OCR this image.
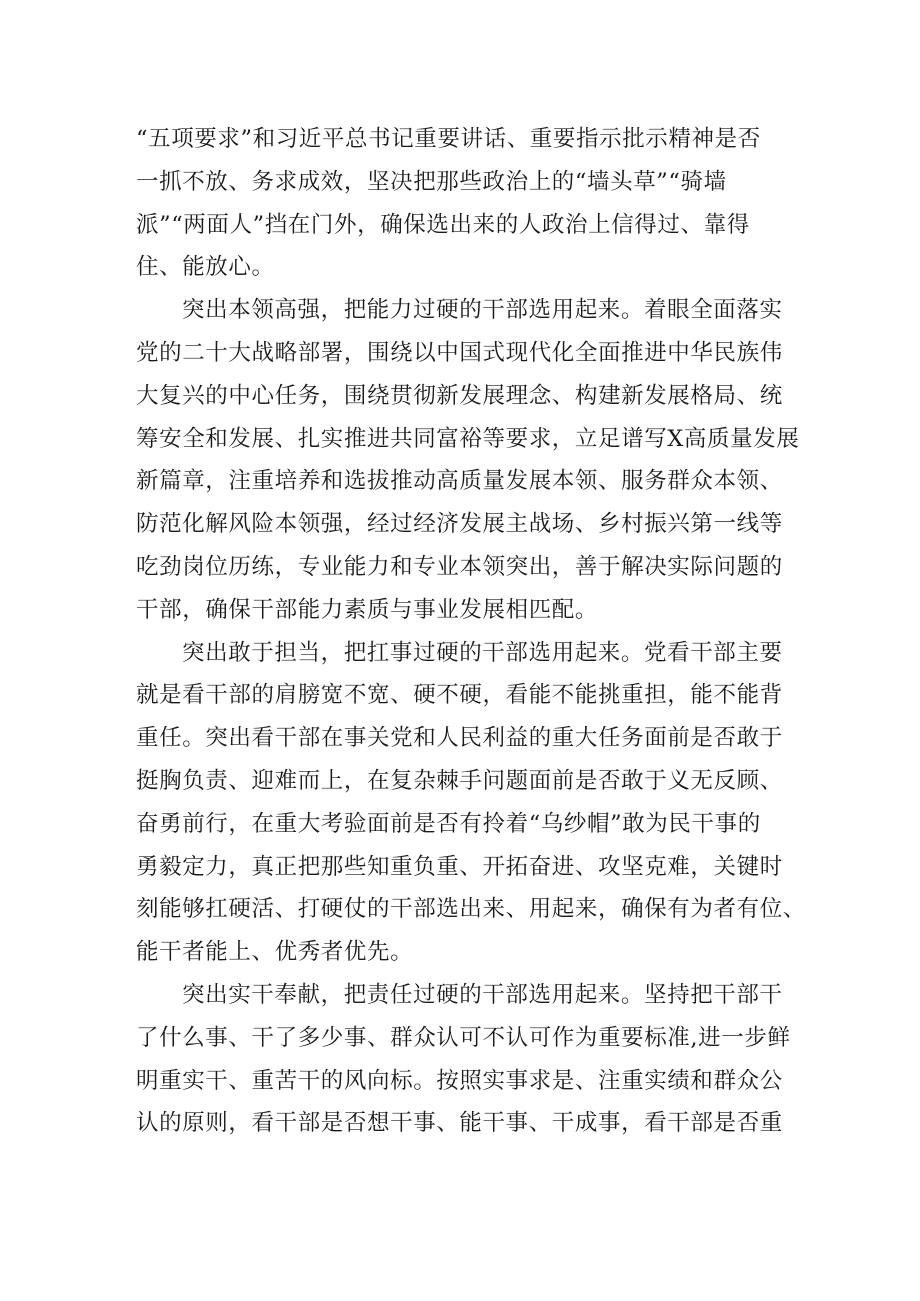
“五项要求”和习近平总书记重要讲话、重要指示批示精神是否
一抓不放、务求成效，坚决把那些政治上的“墙头草”“骑墙
派”“两面人”挡在门外，确保选出来的人政治上信得过、靠得
住、能放心。
突出本领高强，把能力过硬的干部选用起来。着眼全面落实
党的二十大战略部署，围绕以中国式现代化全面推进中华民族伟
大复兴的中心任务，围绕贯彻新发展理念、构建新发展格局、统
筹安全和发展、扎实推进共同富裕等要求，立足谱写X高质量发展
新篇章，注重培养和选拔推动高质量发展本领、服务群众本领、
防范化解风险本领强，经过经济发展主战场、乡村振兴第一线等
吃劲岗位历练，专业能力和专业本领突出，善于解决实际问题的
干部，确保干部能力素质与事业发展相匹配。
突出敢于担当，把扛事过硬的干部选用起来。党看干部主要
就是看干部的肩膀宽不宽、硬不硬，看能不能挑重担，能不能背
重任。突出看干部在事关党和人民利益的重大任务面前是否敢于
挺胸负责、迎难而上，在复杂棘手问题面前是否敢于义无反顾、
奋勇前行，在重大考验面前是否有拎着“乌纱帽”敢为民干事的
勇毅定力，真正把那些知重负重、开拓奋进、攻坚克难，关键时
刻能够扛硬活、打硬仗的干部选出来、用起来，确保有为者有位、
能干者能上、优秀者优先。
突出实干奉献，把责任过硬的干部选用起来。坚持把干部干
了什么事、干了多少事、群众认可不认可作为重要标准,进一步鲜
明重实干、重苦干的风向标。按照实事求是、注重实绩和群众公
认的原则，看干部是否想干事、能干事、干成事，看干部是否重
